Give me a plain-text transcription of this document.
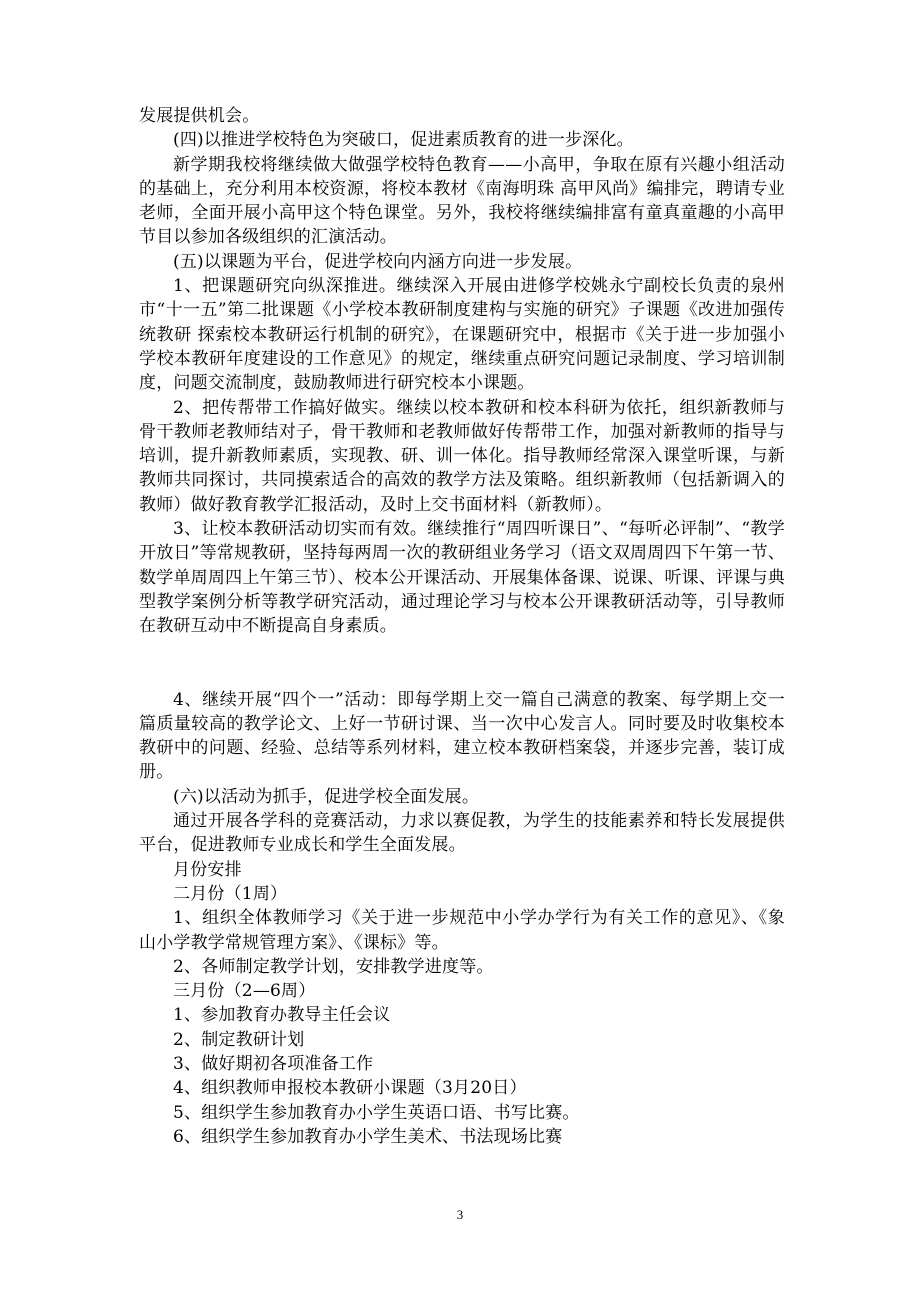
发展提供机会。

(四)以推进学校特色为突破口，促进素质教育的进一步深化。

新学期我校将继续做大做强学校特色教育——小高甲，争取在原有兴趣小组活动的基础上，充分利用本校资源，将校本教材《南海明珠 高甲风尚》编排完，聘请专业老师，全面开展小高甲这个特色课堂。另外，我校将继续编排富有童真童趣的小高甲节目以参加各级组织的汇演活动。

(五)以课题为平台，促进学校向内涵方向进一步发展。

1、把课题研究向纵深推进。继续深入开展由进修学校姚永宁副校长负责的泉州市“十一五”第二批课题《小学校本教研制度建构与实施的研究》子课题《改进加强传统教研 探索校本教研运行机制的研究》，在课题研究中，根据市《关于进一步加强小学校本教研年度建设的工作意见》的规定，继续重点研究问题记录制度、学习培训制度，问题交流制度，鼓励教师进行研究校本小课题。

2、把传帮带工作搞好做实。继续以校本教研和校本科研为依托，组织新教师与骨干教师老教师结对子，骨干教师和老教师做好传帮带工作，加强对新教师的指导与培训，提升新教师素质，实现教、研、训一体化。指导教师经常深入课堂听课，与新教师共同探讨，共同摸索适合的高效的教学方法及策略。组织新教师（包括新调入的教师）做好教育教学汇报活动，及时上交书面材料（新教师）。

3、让校本教研活动切实而有效。继续推行“周四听课日”、“每听必评制”、“教学开放日”等常规教研，坚持每两周一次的教研组业务学习（语文双周周四下午第一节、数学单周周四上午第三节）、校本公开课活动、开展集体备课、说课、听课、评课与典型教学案例分析等教学研究活动，通过理论学习与校本公开课教研活动等，引导教师在教研互动中不断提高自身素质。

4、继续开展“四个一”活动：即每学期上交一篇自己满意的教案、每学期上交一篇质量较高的教学论文、上好一节研讨课、当一次中心发言人。同时要及时收集校本教研中的问题、经验、总结等系列材料，建立校本教研档案袋，并逐步完善，装订成册。

(六)以活动为抓手，促进学校全面发展。

通过开展各学科的竞赛活动，力求以赛促教，为学生的技能素养和特长发展提供平台，促进教师专业成长和学生全面发展。

月份安排

二月份（1周）

1、组织全体教师学习《关于进一步规范中小学办学行为有关工作的意见》、《象山小学教学常规管理方案》、《课标》等。

2、各师制定教学计划，安排教学进度等。

三月份（2—6周）

1、参加教育办教导主任会议

2、制定教研计划

3、做好期初各项准备工作

4、组织教师申报校本教研小课题（3月20日）

5、组织学生参加教育办小学生英语口语、书写比赛。

6、组织学生参加教育办小学生美术、书法现场比赛

3
